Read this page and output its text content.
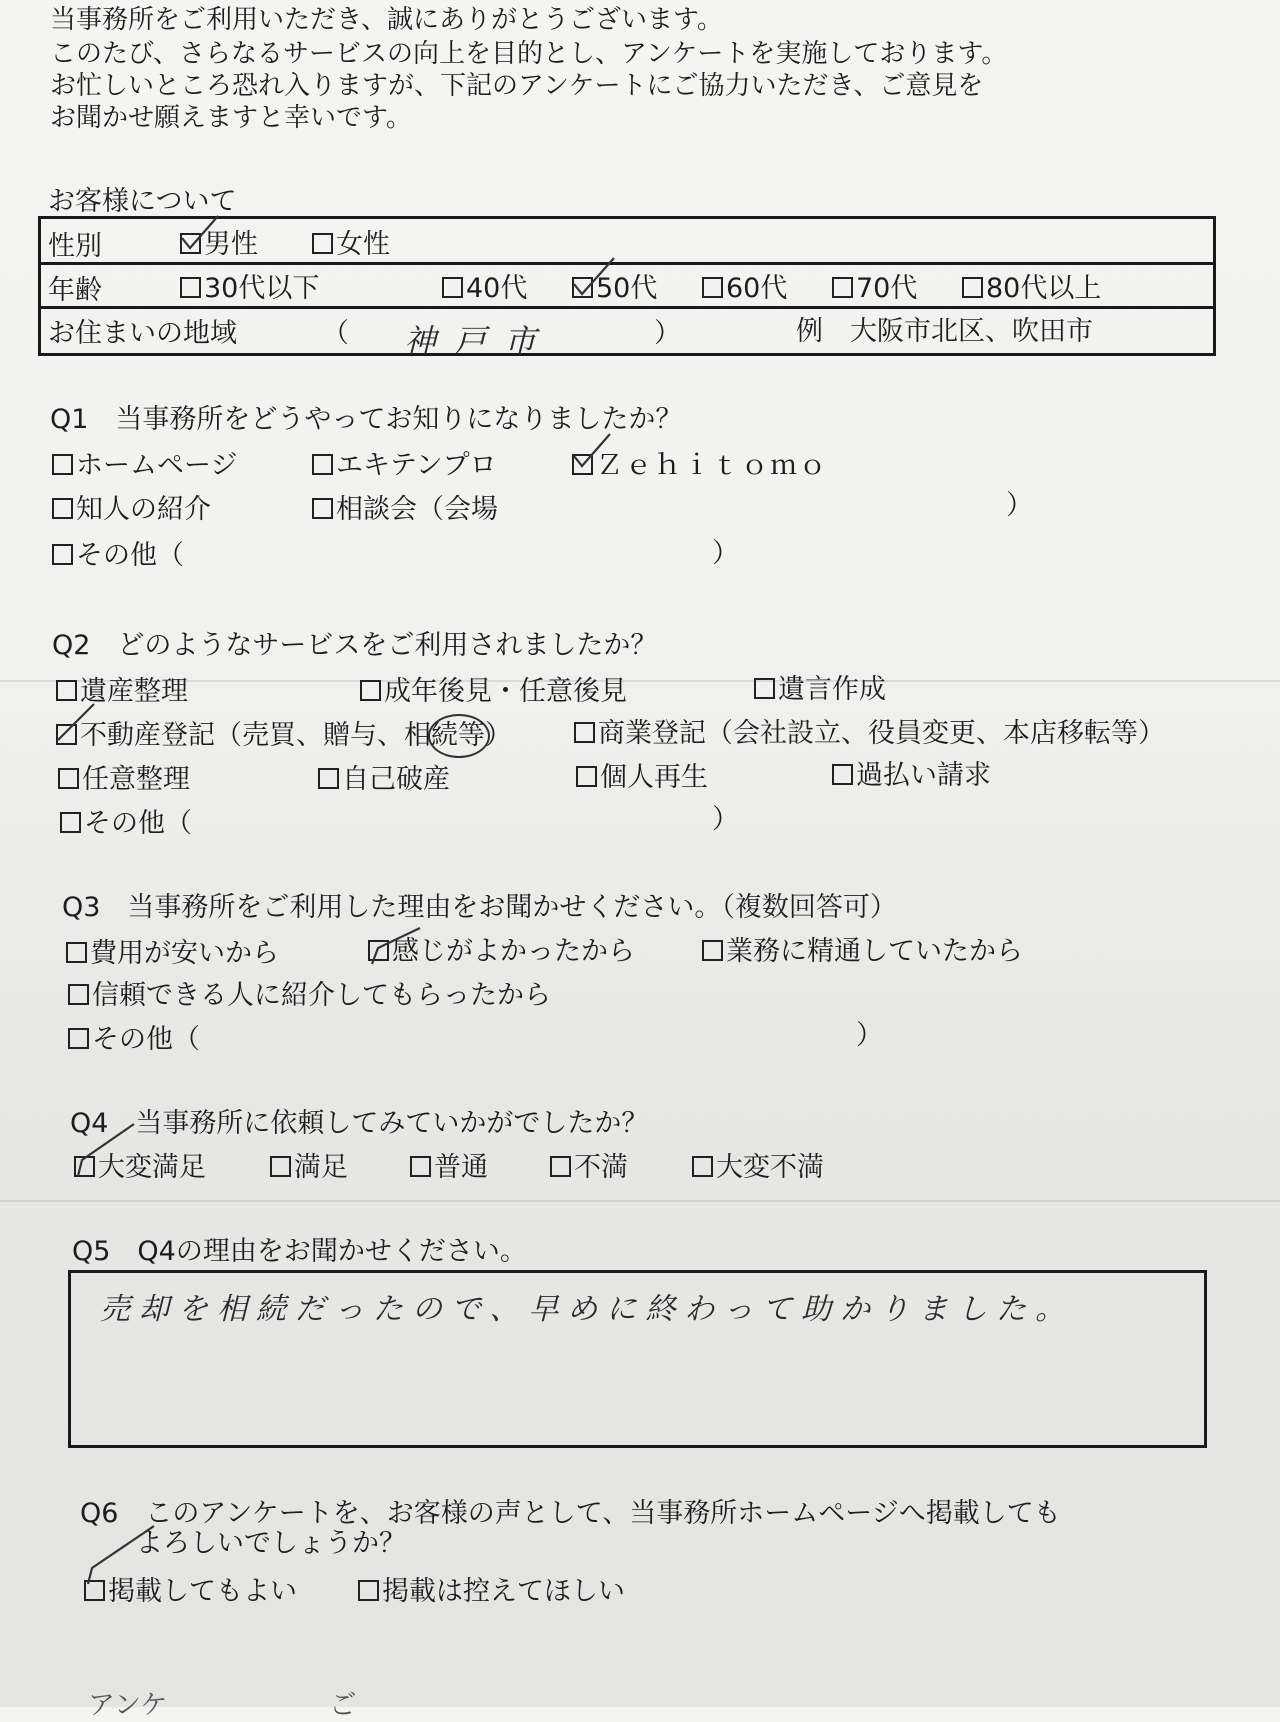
当事務所をご利用いただき、誠にありがとうございます。
このたび、さらなるサービスの向上を目的とし、アンケートを実施しております。
お忙しいところ恐れ入りますが、下記のアンケートにご協力いただき、ご意見を
お聞かせ願えますと幸いです。
お客様について
性別	男性	女性
年齢	30代以下	40代	50代	60代	70代	80代以上
お住まいの地域	（ 神戸市	）	例　大阪市北区、吹田市
Q1　当事務所をどうやってお知りになりましたか？
ホームページ	エキテンプロ	Ｚｅｈｉｔｏｍｏ
知人の紹介	相談会（会場	）
その他（	）
Q2　どのようなサービスをご利用されましたか？
遺産整理	成年後見・任意後見	遺言作成
不動産登記（売買、贈与、相続等）	商業登記（会社設立、役員変更、本店移転等）
任意整理	自己破産	個人再生	過払い請求
その他（	）
Q3　当事務所をご利用した理由をお聞かせください。（複数回答可）
費用が安いから	感じがよかったから	業務に精通していたから
信頼できる人に紹介してもらったから
その他（	）
Q4　当事務所に依頼してみていかがでしたか？
大変満足	満足	普通	不満	大変不満
Q5　Q4の理由をお聞かせください。
売却を相続だったので、早めに終わって助かりました。
Q6　このアンケートを、お客様の声として、当事務所ホームページへ掲載しても
よろしいでしょうか？
掲載してもよい	掲載は控えてほしい
アンケ　　　　　　ご　　　　　　　
